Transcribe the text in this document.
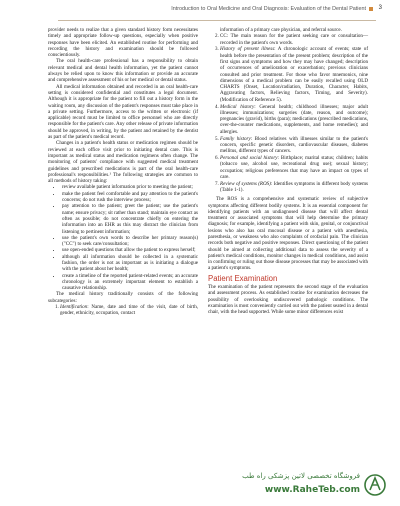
Introduction to Oral Medicine and Oral Diagnosis: Evaluation of the Dental Patient 3

provider needs to realize that a given standard history form necessitates timely and appropriate follow-up questions, especially when positive responses have been elicited. An established routine for performing and recording the history and examination should be followed conscientiously.

The oral health-care professional has a responsibility to obtain relevant medical and dental health information, yet the patient cannot always be relied upon to know this information or provide an accurate and comprehensive assessment of his or her medical or dental status.

All medical information obtained and recorded in an oral health-care setting is considered confidential and constitutes a legal document. Although it is appropriate for the patient to fill out a history form in the waiting room, any discussion of the patient's responses must take place in a private setting. Furthermore, access to the written or electronic (if applicable) record must be limited to office personnel who are directly responsible for the patient's care. Any other release of private information should be approved, in writing, by the patient and retained by the dentist as part of the patient's medical record.

Changes in a patient's health status or medication regimen should be reviewed at each office visit prior to initiating dental care. This is important as medical status and medication regimens often change. The monitoring of patients' compliance with suggested medical treatment guidelines and prescribed medications is part of the oral health-care professional's responsibilities.¹ The following strategies are common to all methods of history taking:

• review available patient information prior to meeting the patient;
• make the patient feel comfortable and pay attention to the patient's concerns; do not rush the interview process;
• pay attention to the patient; greet the patient; use the patient's name; ensure privacy; sit rather than stand; maintain eye contact as often as possible; do not concentrate chiefly on entering the information into an EHR as this may distract the clinician from listening to pertinent information;
• use the patient's own words to describe her primary reason(s) ("CC") to seek care/consultation;
• use open-ended questions that allow the patient to express herself;
• although all information should be collected in a systematic fashion, the order is not as important as is initiating a dialogue with the patient about her health;
• create a timeline of the reported patient-related events; an accurate chronology is an extremely important element to establish a causative relationship.

The medical history traditionally consists of the following subcategories:

1. Identification: Name, date and time of the visit, date of birth, gender, ethnicity, occupation, contact

information of a primary care physician, and referral source.

2. CC: The main reason for the patient seeking care or consultation—recorded in the patient's own words.
3. History of present illness: A chronologic account of events; state of health before the presentation of the present problem; description of the first signs and symptoms and how they may have changed; description of occurrences of amelioration or exacerbation; previous clinicians consulted and prior treatment. For those who favor mnemonics, nine dimensions of a medical problem can be easily recalled using OLD CHARTS (Onset, Location/radiation, Duration, Character, Habits, Aggravating factors, Relieving factors, Timing, and Severity). (Modification of Reference 5).
4. Medical history: General health; childhood illnesses; major adult illnesses; immunizations; surgeries (date, reason, and outcome); pregnancies (gravid), births (para); medications (prescribed medications, over-the-counter medications, supplements, and home remedies); and allergies.
5. Family history: Blood relatives with illnesses similar to the patient's concern, specific genetic disorders, cardiovascular diseases, diabetes mellitus, different types of cancers.
6. Personal and social history: Birthplace; marital status; children; habits (tobacco use, alcohol use, recreational drug use); sexual history; occupation; religious preferences that may have an impact on types of care.
7. Review of systems (ROS): Identifies symptoms in different body systems (Table 1-1).

The ROS is a comprehensive and systematic review of subjective symptoms affecting different bodily systems. It is an essential component for identifying patients with an undiagnosed disease that will affect dental treatment or associated symptoms that will help determine the primary diagnosis; for example, identifying a patient with skin, genital, or conjunctival lesions who also has oral mucosal disease or a patient with anesthesia, paresthesia, or weakness who also complaints of orofacial pain. The clinician records both negative and positive responses. Direct questioning of the patient should be aimed at collecting additional data to assess the severity of a patient's medical conditions, monitor changes in medical conditions, and assist in confirming or ruling out those disease processes that may be associated with a patient's symptoms.

Patient Examination

The examination of the patient represents the second stage of the evaluation and assessment process. As established routine for examination decreases the possibility of overlooking undiscovered pathologic conditions. The examination is most conveniently carried out with the patient seated in a dental chair, with the head supported. While some minor differences exist

فروشگاه تخصصی لاتین پزشکی راه طب
www.RaheTeb.com
